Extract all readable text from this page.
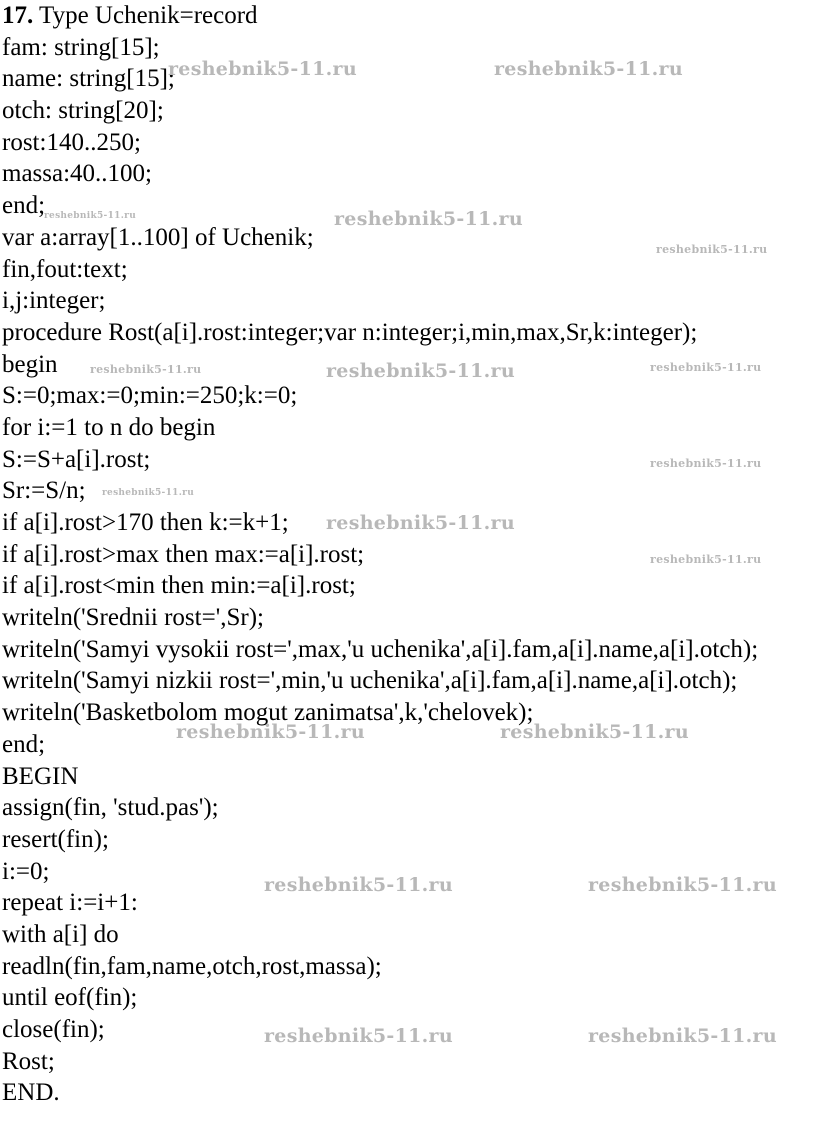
17. Type Uchenik=record
fam: string[15];
name: string[15];
otch: string[20];
rost:140..250;
massa:40..100;
end;
var a:array[1..100] of Uchenik;
fin,fout:text;
i,j:integer;
procedure Rost(a[i].rost:integer;var n:integer;i,min,max,Sr,k:integer);
begin
S:=0;max:=0;min:=250;k:=0;
for i:=1 to n do begin
S:=S+a[i].rost;
Sr:=S/n;
if a[i].rost>170 then k:=k+1;
if a[i].rost>max then max:=a[i].rost;
if a[i].rost<min then min:=a[i].rost;
writeln('Srednii rost=',Sr);
writeln('Samyi vysokii rost=',max,'u uchenika',a[i].fam,a[i].name,a[i].otch);
writeln('Samyi nizkii rost=',min,'u uchenika',a[i].fam,a[i].name,a[i].otch);
writeln('Basketbolom mogut zanimatsa',k,'chelovek);
end;
BEGIN
assign(fin, 'stud.pas');
resert(fin);
i:=0;
repeat i:=i+1:
with a[i] do
readln(fin,fam,name,otch,rost,massa);
until eof(fin);
close(fin);
Rost;
END.
reshebnik5-11.ru	reshebnik5-11.ru
reshebnik5-11.ru	reshebnik5-11.ru
reshebnik5-11.ru
reshebnik5-11.ru	reshebnik5-11.ru	reshebnik5-11.ru
reshebnik5-11.ru
reshebnik5-11.ru
reshebnik5-11.ru
reshebnik5-11.ru
reshebnik5-11.ru	reshebnik5-11.ru
reshebnik5-11.ru	reshebnik5-11.ru
reshebnik5-11.ru	reshebnik5-11.ru
